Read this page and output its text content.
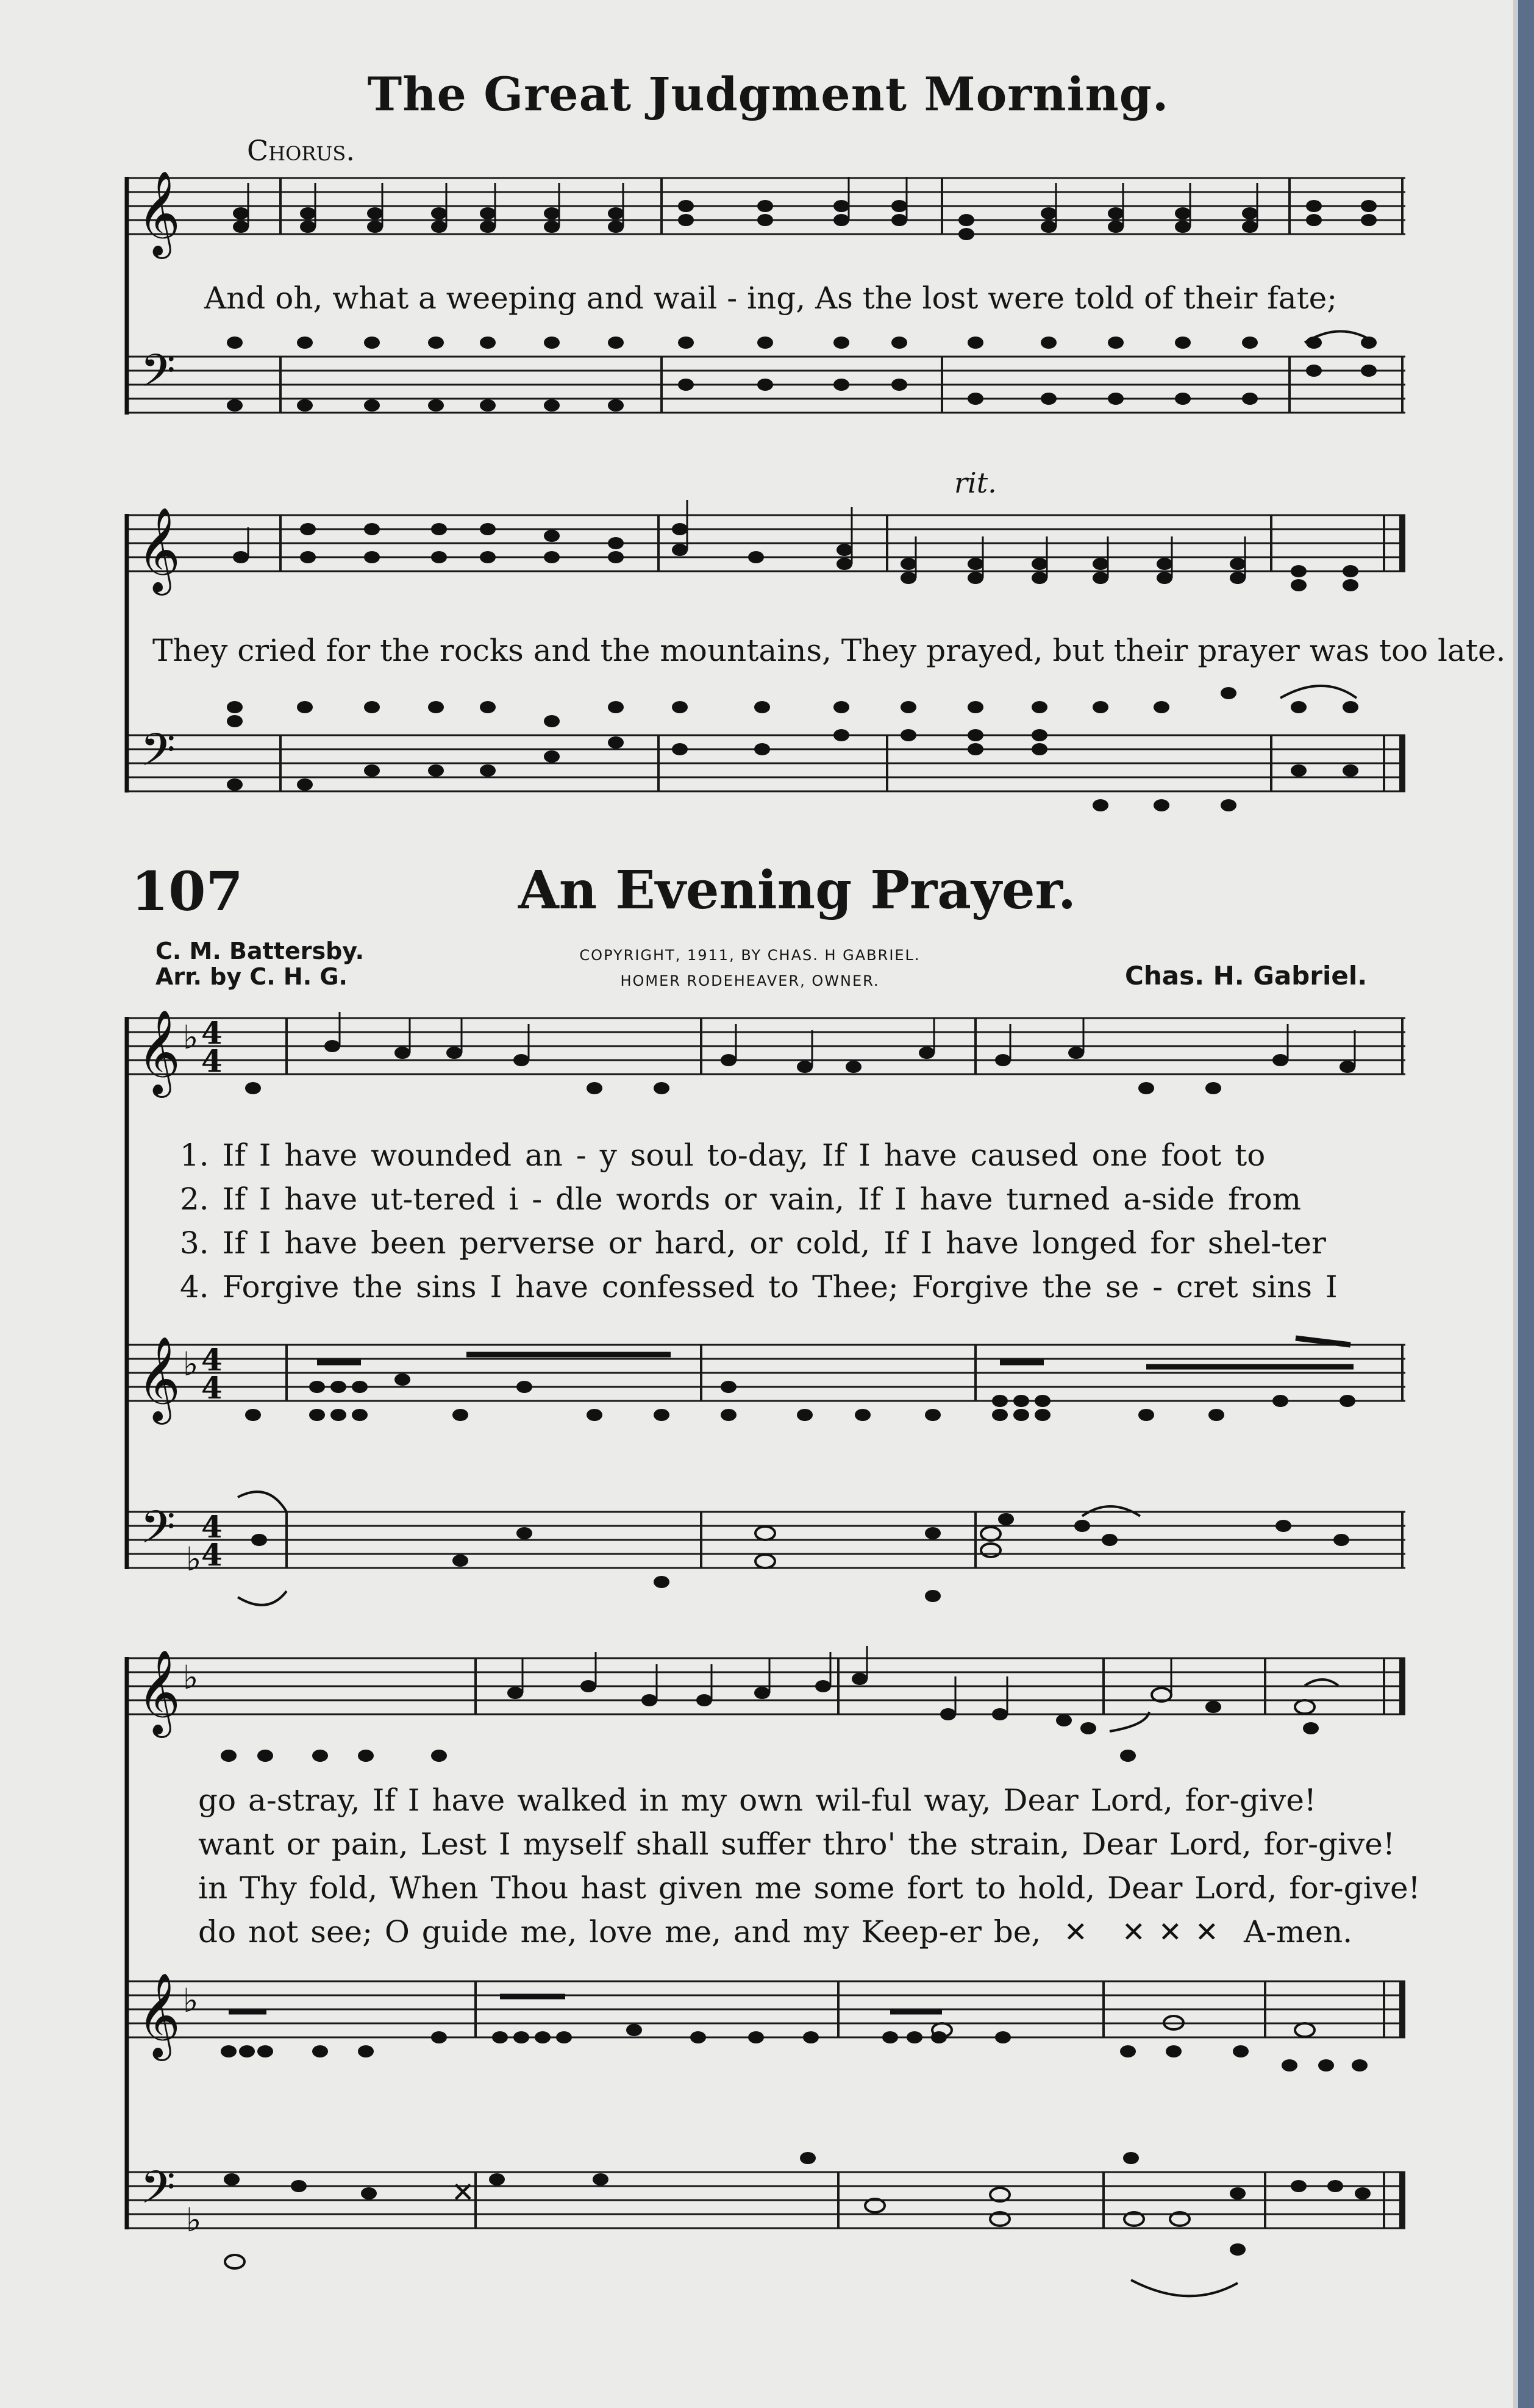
𝄞
𝄞
𝄞
𝄞
𝄞
𝄞
𝄢
𝄢
𝄢
𝄢
4
4
4
4
4
4
♭
♭
♭
♭
♭
♭
✕ ✕ ✕ ✕
✕
The Great Judgment Morning.
Chorus.
And oh, what a weeping and wail - ing, As the lost were told of their fate;
rit.
They cried for the rocks and the mountains, They prayed, but their prayer was too late.
107	An Evening Prayer.
C. M. Battersby.
Arr. by C. H. G.
COPYRIGHT, 1911, BY CHAS. H GABRIEL.
HOMER RODEHEAVER, OWNER.	Chas. H. Gabriel.
1. If I have wounded an - y soul to-day, If I have caused one foot to
2. If I have ut-tered i - dle words or vain, If I have turned a-side from
3. If I have been perverse or hard, or cold, If I have longed for shel-ter
4. Forgive the sins I have confessed to Thee; Forgive the se - cret sins I
go a-stray, If I have walked in my own wil-ful way, Dear Lord, for-give!
want or pain, Lest I myself shall suffer thro' the strain, Dear Lord, for-give!
in Thy fold, When Thou hast given me some fort to hold, Dear Lord, for-give!
do not see; O guide me, love me, and my Keep-er be,	A-men.
